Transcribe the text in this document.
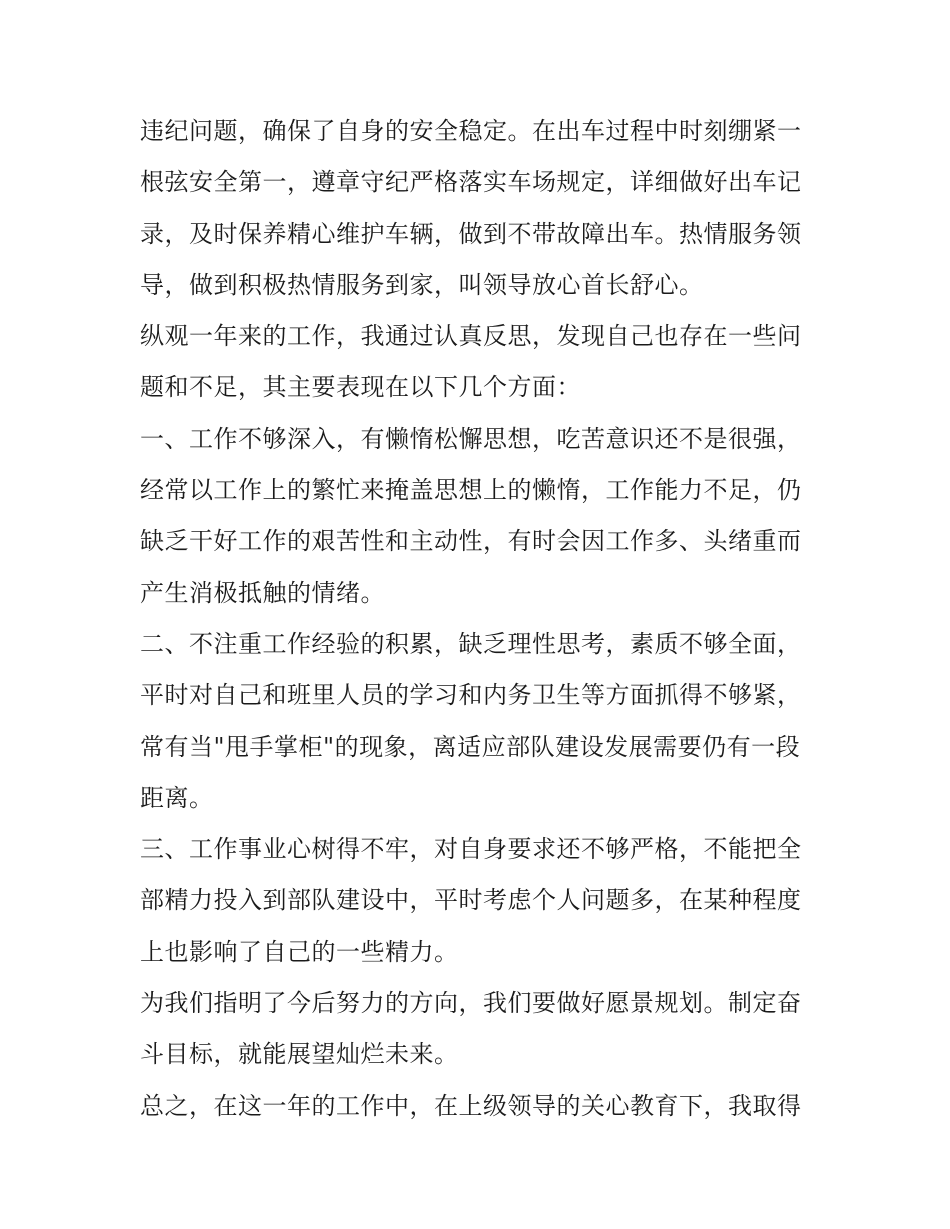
违纪问题，确保了自身的安全稳定。在出车过程中时刻绷紧一
根弦安全第一，遵章守纪严格落实车场规定，详细做好出车记
录，及时保养精心维护车辆，做到不带故障出车。热情服务领
导，做到积极热情服务到家，叫领导放心首长舒心。
纵观一年来的工作，我通过认真反思，发现自己也存在一些问
题和不足，其主要表现在以下几个方面：
一、工作不够深入，有懒惰松懈思想，吃苦意识还不是很强，
经常以工作上的繁忙来掩盖思想上的懒惰，工作能力不足，仍
缺乏干好工作的艰苦性和主动性，有时会因工作多、头绪重而
产生消极抵触的情绪。
二、不注重工作经验的积累，缺乏理性思考，素质不够全面，
平时对自己和班里人员的学习和内务卫生等方面抓得不够紧，
常有当"甩手掌柜"的现象，离适应部队建设发展需要仍有一段
距离。
三、工作事业心树得不牢，对自身要求还不够严格，不能把全
部精力投入到部队建设中，平时考虑个人问题多，在某种程度
上也影响了自己的一些精力。
为我们指明了今后努力的方向，我们要做好愿景规划。制定奋
斗目标，就能展望灿烂未来。
总之，在这一年的工作中，在上级领导的关心教育下，我取得
